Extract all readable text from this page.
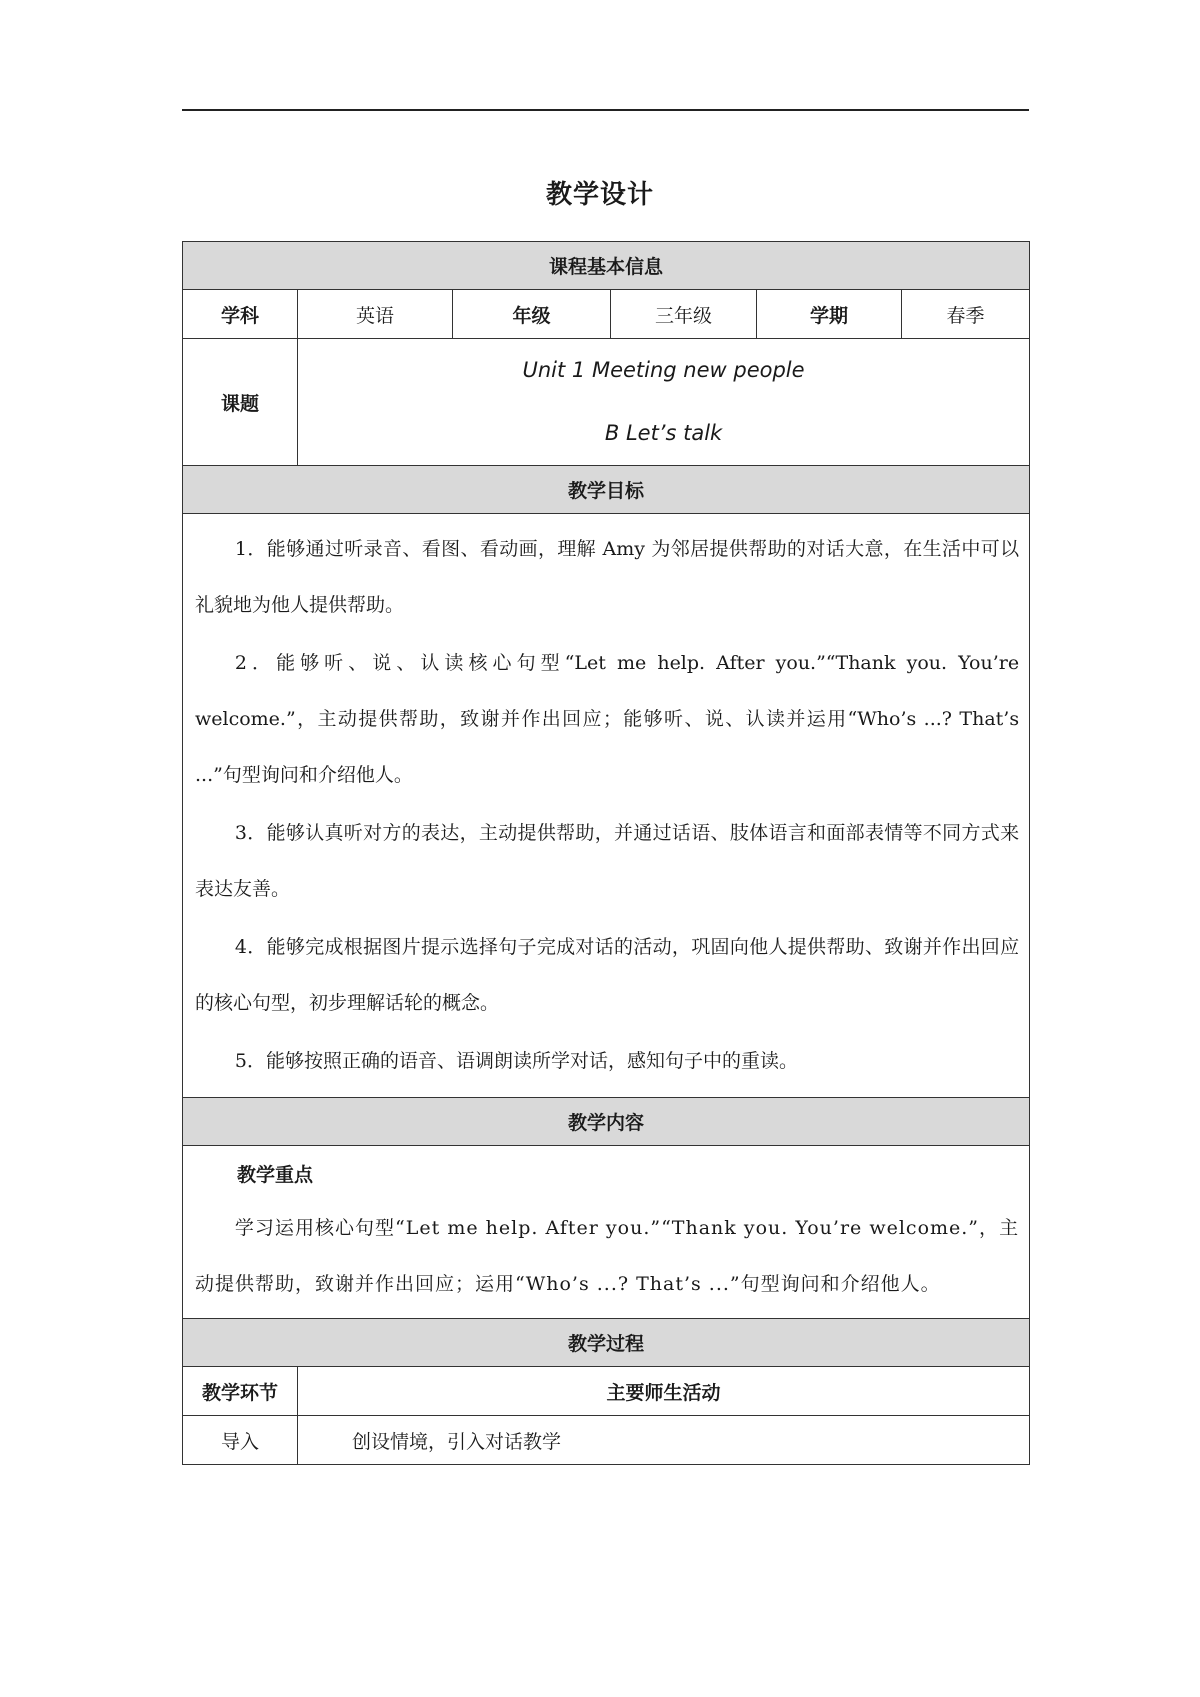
教学设计
课程基本信息					
学科	英语	年级	三年级	学期	春季
课题	Unit 1 Meeting new people
B Let’s talk				

教学目标					

1．能够通过听录音、看图、看动画，理解 Amy 为邻居提供帮助的对话大意，在生活中可以礼貌地为他人提供帮助。

2．能够听、说、认读核心句型“Let me help. After you.”“Thank you. You’re welcome.”，主动提供帮助，致谢并作出回应；能够听、说、认读并运用“Who’s ...? That’s ...”句型询问和介绍他人。

3．能够认真听对方的表达，主动提供帮助，并通过话语、肢体语言和面部表情等不同方式来表达友善。

4．能够完成根据图片提示选择句子完成对话的活动，巩固向他人提供帮助、致谢并作出回应的核心句型，初步理解话轮的概念。

5．能够按照正确的语音、语调朗读所学对话，感知句子中的重读。					

教学内容					

教学重点

学习运用核心句型“Let me help. After you.”“Thank you. You’re welcome.”，主动提供帮助，致谢并作出回应；运用“Who’s ...? That’s ...”句型询问和介绍他人。					

教学过程					
教学环节	主要师生活动				
导入	创设情境，引入对话教学				
